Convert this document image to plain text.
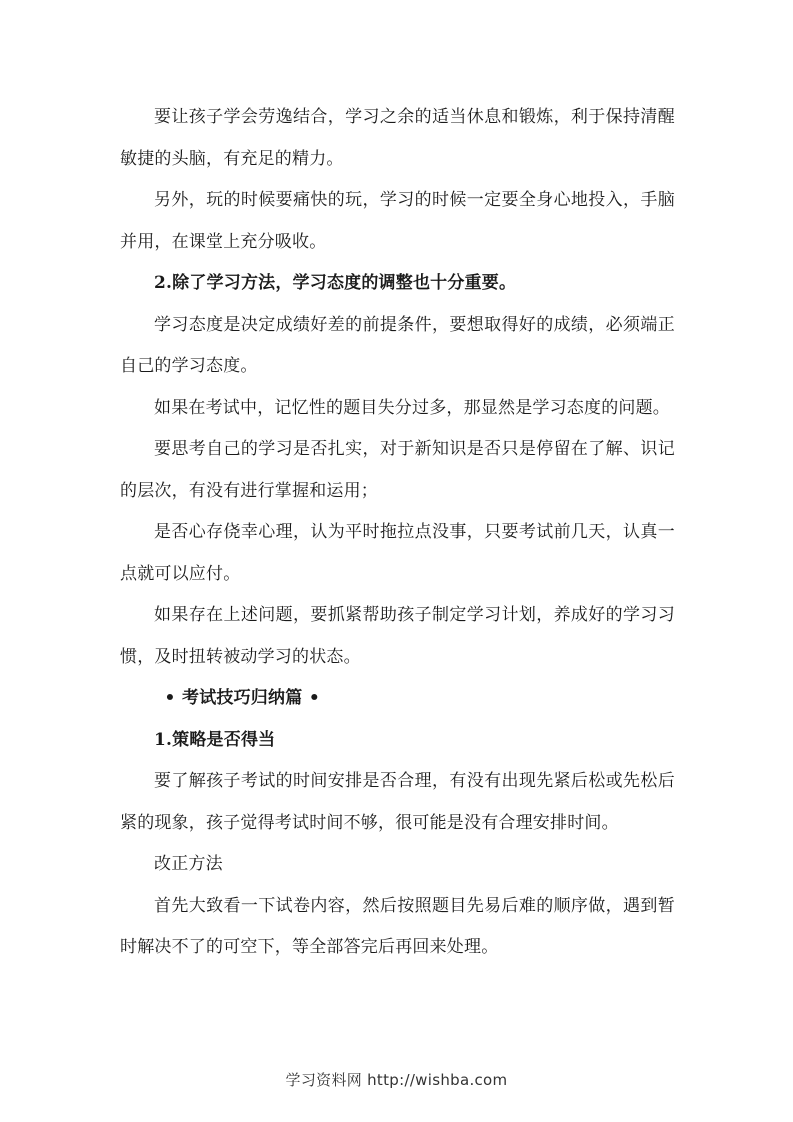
要让孩子学会劳逸结合，学习之余的适当休息和锻炼，利于保持清醒敏捷的头脑，有充足的精力。

另外，玩的时候要痛快的玩，学习的时候一定要全身心地投入，手脑并用，在课堂上充分吸收。

2.除了学习方法，学习态度的调整也十分重要。

学习态度是决定成绩好差的前提条件，要想取得好的成绩，必须端正自己的学习态度。

如果在考试中，记忆性的题目失分过多，那显然是学习态度的问题。

要思考自己的学习是否扎实，对于新知识是否只是停留在了解、识记的层次，有没有进行掌握和运用；

是否心存侥幸心理，认为平时拖拉点没事，只要考试前几天，认真一点就可以应付。

如果存在上述问题，要抓紧帮助孩子制定学习计划，养成好的学习习惯，及时扭转被动学习的状态。

• 考试技巧归纳篇 •

1.策略是否得当

要了解孩子考试的时间安排是否合理，有没有出现先紧后松或先松后紧的现象，孩子觉得考试时间不够，很可能是没有合理安排时间。

改正方法

首先大致看一下试卷内容，然后按照题目先易后难的顺序做，遇到暂时解决不了的可空下，等全部答完后再回来处理。

学习资料网 http://wishba.com
